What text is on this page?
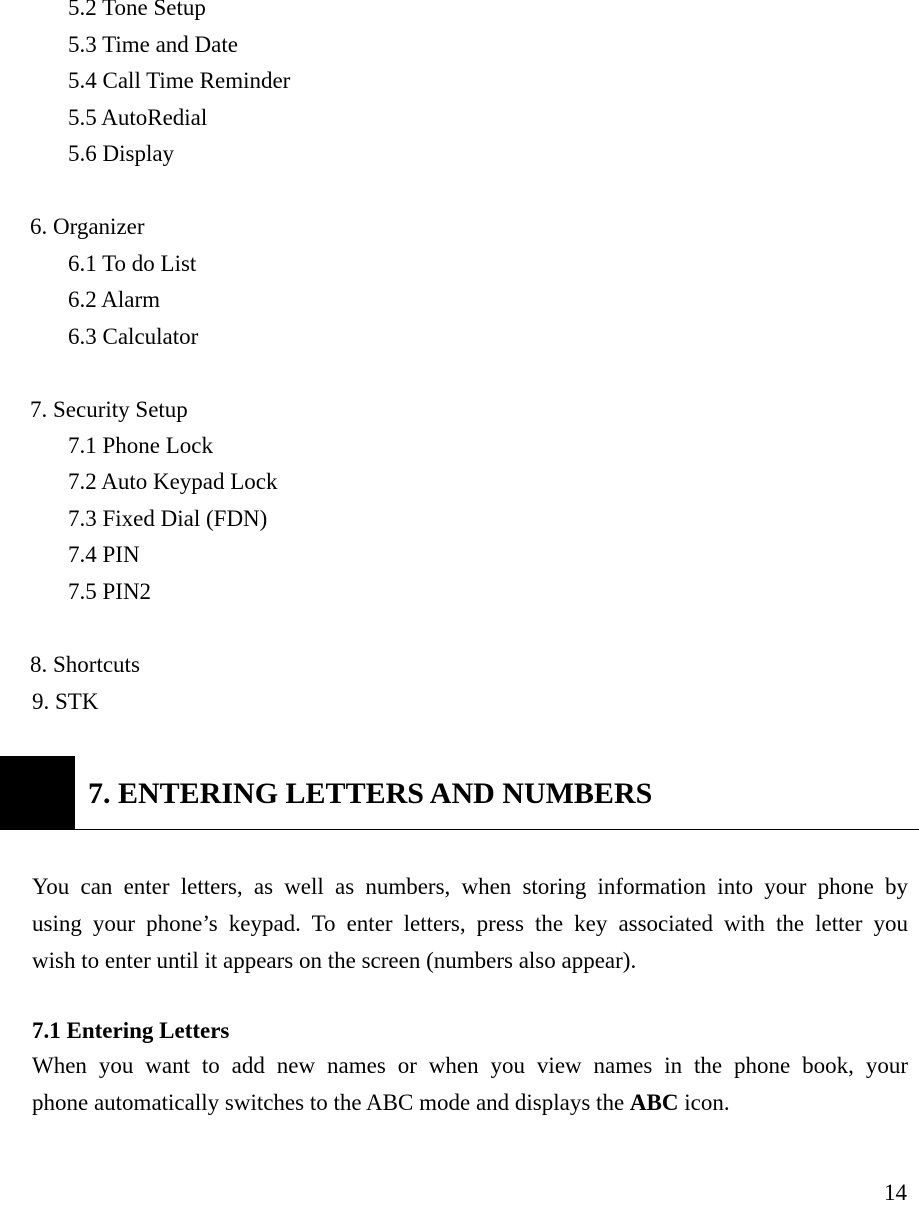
5.2 Tone Setup
5.3 Time and Date
5.4 Call Time Reminder
5.5 AutoRedial
5.6 Display
6. Organizer
6.1 To do List
6.2 Alarm
6.3 Calculator
7. Security Setup
7.1 Phone Lock
7.2 Auto Keypad Lock
7.3 Fixed Dial (FDN)
7.4 PIN
7.5 PIN2
8. Shortcuts
9. STK
7. ENTERING LETTERS AND NUMBERS
You can enter letters, as well as numbers, when storing information into your phone by
using your phone’s keypad. To enter letters, press the key associated with the letter you
wish to enter until it appears on the screen (numbers also appear).
7.1 Entering Letters
When you want to add new names or when you view names in the phone book, your
phone automatically switches to the ABC mode and displays the ABC icon.
14
